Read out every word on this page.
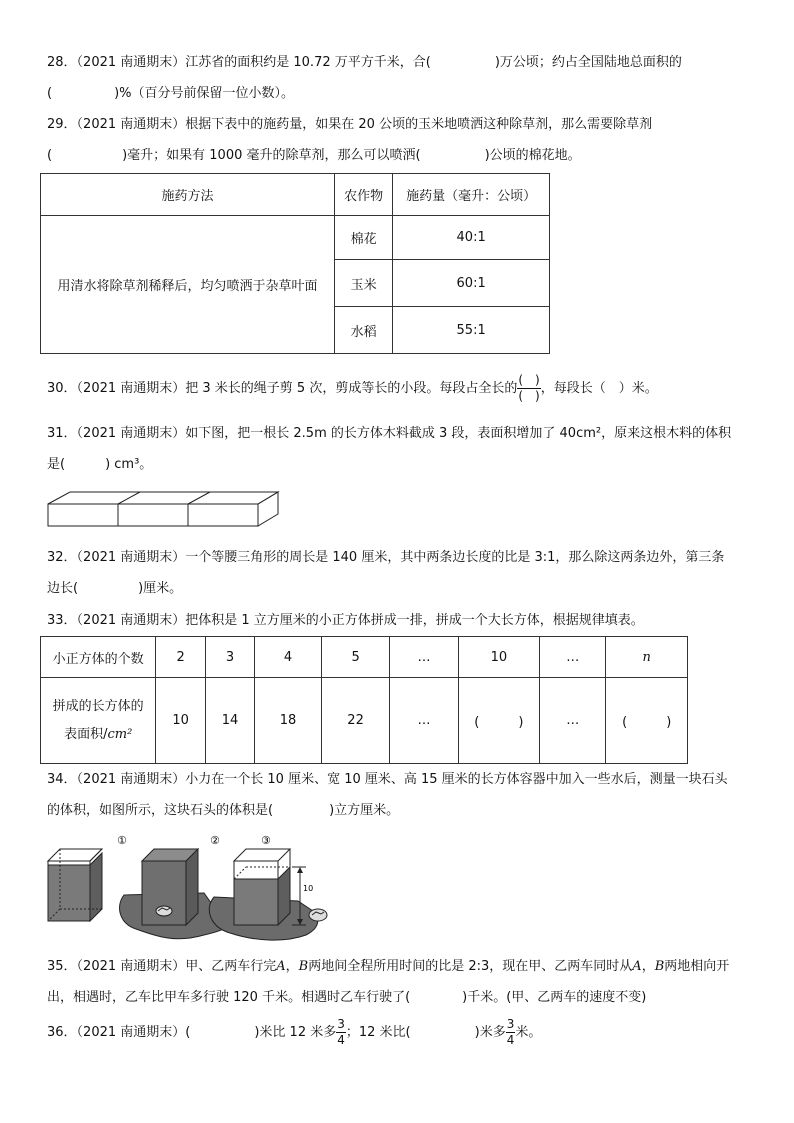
28．（2021 南通期末）江苏省的面积约是 10.72 万平方千米，合(	)万公顷；约占全国陆地总面积的
(	)%（百分号前保留一位小数）。
29．（2021 南通期末）根据下表中的施药量，如果在 20 公顷的玉米地喷洒这种除草剂，那么需要除草剂
(	)毫升；如果有 1000 毫升的除草剂，那么可以喷洒(	)公顷的棉花地。
施药方法	农作物	施药量（毫升：公顷）
用清水将除草剂稀释后，均匀喷洒于杂草叶面	棉花	40:1
	玉米	60:1
	水稻	55:1
30．（2021 南通期末）把 3 米长的绳子剪 5 次，剪成等长的小段。每段占全长的 $\frac{( )}{( )}$ ，每段长（　）米。
31．（2021 南通期末）如下图，把一根长 2.5m 的长方体木料截成 3 段，表面积增加了 40cm²，原来这根木料的体积
是(	) cm³。
32．（2021 南通期末）一个等腰三角形的周长是 140 厘米，其中两条边长度的比是 3:1，那么除这两条边外，第三条
边长(	)厘米。
33．（2021 南通期末）把体积是 1 立方厘米的小正方体拼成一排，拼成一个大长方体，根据规律填表。
小正方体的个数	2	3	4	5	…	10	…	n
拼成的长方体的
表面积/cm²	10	14	18	22	…	(　　　)	…	(　　　)
34．（2021 南通期末）小力在一个长 10 厘米、宽 10 厘米、高 15 厘米的长方体容器中加入一些水后，测量一块石头
的体积，如图所示，这块石头的体积是(	)立方厘米。
①	②	③
10
35．（2021 南通期末）甲、乙两车行完A，B两地间全程所用时间的比是 2:3，现在甲、乙两车同时从A，B两地相向开
出，相遇时，乙车比甲车多行驶 120 千米。相遇时乙车行驶了(	)千米。(甲、乙两车的速度不变)
36．（2021 南通期末）(	)米比 12 米多 $\frac{3}{4}$ ；12 米比(	)米多 $\frac{3}{4}$ 米。
